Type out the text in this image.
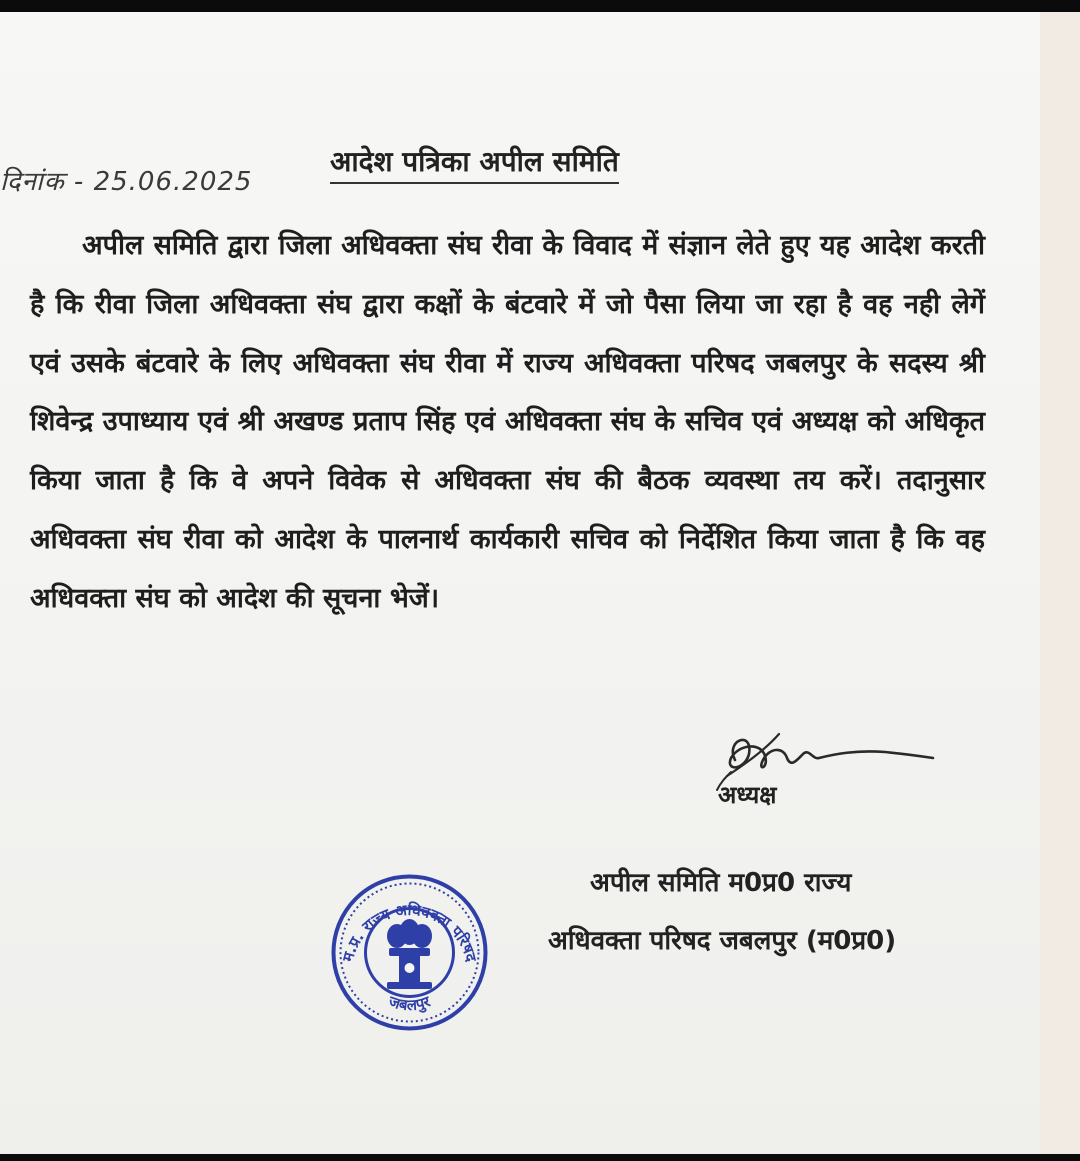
दिनांक - 25.06.2025
आदेश पत्रिका अपील समिति
अपील समिति द्वारा जिला अधिवक्ता संघ रीवा के विवाद में संज्ञान लेते हुए यह आदेश करती है कि रीवा जिला अधिवक्ता संघ द्वारा कक्षों के बंटवारे में जो पैसा लिया जा रहा है वह नही लेगें एवं उसके बंटवारे के लिए अधिवक्ता संघ रीवा में राज्य अधिवक्ता परिषद जबलपुर के सदस्य श्री शिवेन्द्र उपाध्याय एवं श्री अखण्ड प्रताप सिंह एवं अधिवक्ता संघ के सचिव एवं अध्यक्ष को अधिकृत किया जाता है कि वे अपने विवेक से अधिवक्ता संघ की बैठक व्यवस्था तय करें। तदानुसार अधिवक्ता संघ रीवा को आदेश के पालनार्थ कार्यकारी सचिव को निर्देशित किया जाता है कि वह अधिवक्ता संघ को आदेश की सूचना भेजें।
अध्यक्ष
अपील समिति म0प्र0 राज्य
अधिवक्ता परिषद जबलपुर (म0प्र0)
म.प्र. राज्य अधिवक्ता परिषद
जबलपुर
